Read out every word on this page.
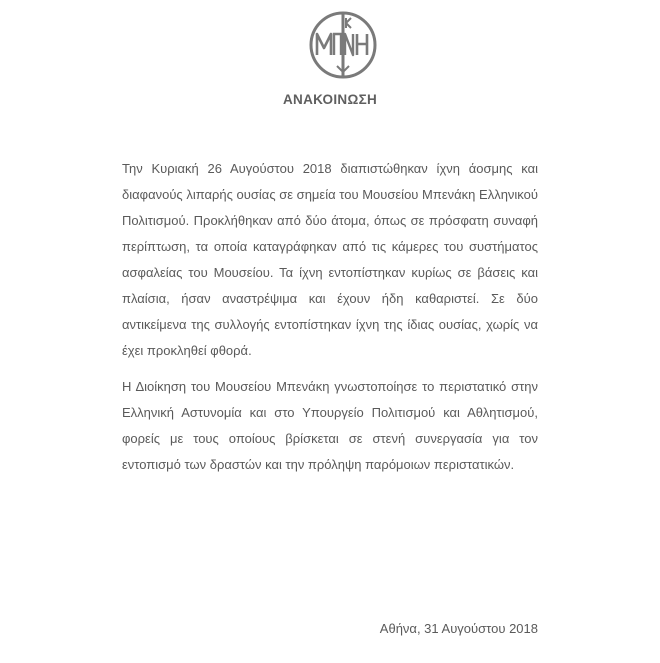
ΑΝΑΚΟΙΝΩΣΗ

Την Κυριακή 26 Αυγούστου 2018 διαπιστώθηκαν ίχνη άοσμης και διαφανούς λιπαρής ουσίας σε σημεία του Μουσείου Μπενάκη Ελληνικού Πολιτισμού. Προκλήθηκαν από δύο άτομα, όπως σε πρόσφατη συναφή περίπτωση, τα οποία καταγράφηκαν από τις κάμερες του συστήματος ασφαλείας του Μουσείου. Τα ίχνη εντοπίστηκαν κυρίως σε βάσεις και πλαίσια, ήσαν αναστρέψιμα και έχουν ήδη καθαριστεί. Σε δύο αντικείμενα της συλλογής εντοπίστηκαν ίχνη της ίδιας ουσίας, χωρίς να έχει προκληθεί φθορά.

Η Διοίκηση του Μουσείου Μπενάκη γνωστοποίησε το περιστατικό στην Ελληνική Αστυνομία και στο Υπουργείο Πολιτισμού και Αθλητισμού, φορείς με τους οποίους βρίσκεται σε στενή συνεργασία για τον εντοπισμό των δραστών και την πρόληψη παρόμοιων περιστατικών.

Αθήνα, 31 Αυγούστου 2018
